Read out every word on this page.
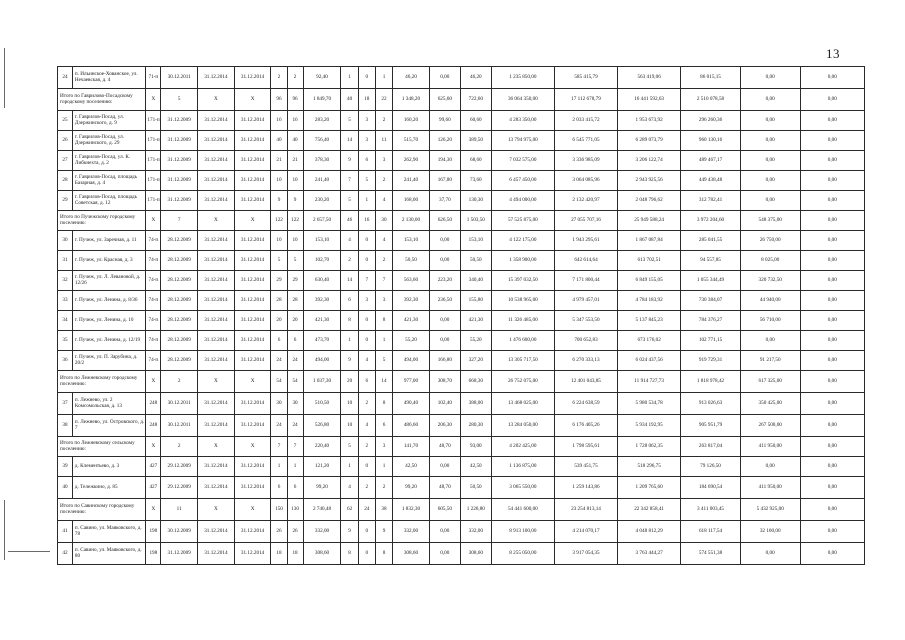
13
24	п. Ильинское-Хованское, ул. Нечаевская, д. 4	71-п	30.12.2011	31.12.2014	31.12.2014	2	2	92,40	1	0	1	46,20	0,00	46,20	1 235 850,00	585 415,79	563 419,06	86 015,15	0,00	0,00
Итого по Гаврилово-Посадскому городскому поселению:		X	5	X	X	96	96	1 849,70	40	18	22	1 348,20	625,60	722,60	36 064 350,00	17 112 678,79	16 441 592,63	2 510 078,58	0,00	0,00
25	г. Гаврилов-Посад, ул. Дзержинского, д. 9	171-п	31.12.2009	31.12.2014	31.12.2014	16	16	283,20	5	3	2	160,20	99,60	60,60	4 283 350,00	2 033 415,72	1 953 673,92	296 260,36	0,00	0,00
26	г. Гаврилов-Посад, ул. Дзержинского, д. 29	171-п	31.12.2009	31.12.2014	31.12.2014	40	40	756,40	14	3	11	515,70	126,20	389,50	13 794 975,00	6 545 771,05	6 289 073,79	960 130,16	0,00	0,00
27	г. Гаврилов-Посад, ул. К. Либкнехта, д. 2	171-п	31.12.2009	31.12.2014	31.12.2014	21	21	378,30	9	6	3	262,90	194,30	68,60	7 032 575,00	3 336 985,09	3 206 122,74	489 467,17	0,00	0,00
28	г. Гаврилов-Посад, площадь Базарная, д. 4	171-п	31.12.2009	31.12.2014	31.12.2014	10	10	241,40	7	5	2	241,40	167,80	73,60	6 457 450,00	3 064 085,96	2 943 925,56	449 438,48	0,00	0,00
29	г. Гаврилов-Посад, площадь Советская, д. 12	171-п	31.12.2009	31.12.2014	31.12.2014	9	9	230,20	5	1	4	168,00	37,70	130,30	4 494 000,00	2 132 420,97	2 048 796,62	312 782,41	0,00	0,00
Итого по Пучежскому городскому поселению:		X	7	X	X	122	122	2 657,50	46	16	30	2 130,00	626,50	1 503,50	57 525 875,00	27 055 707,16	25 949 588,24	3 972 204,60	548 375,00	0,00
30	г. Пучеж, ул. Заречная, д. 11	74-п	28.12.2009	31.12.2014	31.12.2014	10	10	153,10	4	0	4	153,10	0,00	153,10	4 122 175,00	1 943 295,61	1 867 087,84	285 041,55	26 750,00	0,00
31	г. Пучеж, ул. Красная, д. 3	74-п	28.12.2009	31.12.2014	31.12.2014	5	5	102,70	2	0	2	50,50	0,00	50,50	1 358 900,00	642 614,64	613 702,51	94 557,85	8 025,00	0,00
32	г. Пучеж, ул. Л. Левановой, д. 12/26	74-п	28.12.2009	31.12.2014	31.12.2014	29	29	630,40	14	7	7	563,60	223,20	340,40	15 397 032,50	7 171 800,44	6 849 155,05	1 055 344,49	320 732,50	0,00
33	г. Пучеж, ул. Ленина, д. 8/36	74-п	28.12.2009	31.12.2014	31.12.2014	28	28	392,30	6	3	3	392,30	236,50	155,80	10 538 965,00	4 979 457,01	4 784 183,92	730 384,07	44 940,00	0,00
34	г. Пучеж, ул. Ленина, д. 10	74-п	28.12.2009	31.12.2014	31.12.2014	20	20	421,30	8	0	8	421,30	0,00	421,30	11 326 485,00	5 347 553,50	5 137 845,23	784 376,27	56 710,00	0,00
35	г. Пучеж, ул. Ленина, д. 12/19	74-п	28.12.2009	31.12.2014	31.12.2014	6	6	473,70	1	0	1	55,20	0,00	55,20	1 476 600,00	700 652,83	673 176,02	102 771,15	0,00	0,00
36	г. Пучеж, ул. П. Зарубина, д. 20/2	74-п	28.12.2009	31.12.2014	31.12.2014	24	24	494,00	9	4	5	494,00	166,80	327,20	13 305 717,50	6 270 333,13	6 024 437,56	919 729,31	91 217,50	0,00
Итого по Лежневскому городскому поселению:		X	2	X	X	54	54	1 037,30	20	6	14	977,00	308,70	668,30	26 752 075,00	12 401 043,85	11 914 727,73	1 818 978,42	617 325,00	0,00
37	п. Лежнево, ул. 2 Комсомольская, д. 13	248	30.12.2011	31.12.2014	31.12.2014	30	30	510,50	10	2	8	490,40	102,40	388,00	13 468 025,00	6 224 638,59	5 980 534,78	913 026,63	350 425,00	0,00
38	п. Лежнево, ул. Островского, д. 7	248	30.12.2011	31.12.2014	31.12.2014	24	24	526,80	10	4	6	486,60	206,30	280,30	13 284 050,00	6 176 405,26	5 934 192,95	905 951,79	267 500,00	0,00
Итого по Лежневскому сельскому поселению:		X	2	X	X	7	7	220,40	5	2	3	141,70	48,70	93,00	4 202 425,00	1 798 595,61	1 728 062,35	263 817,04	411 950,00	0,00
39	д. Клементьево, д. 3	427	29.12.2009	31.12.2014	31.12.2014	1	1	121,20	1	0	1	42,50	0,00	42,50	1 136 875,00	539 451,75	518 296,75	79 126,50	0,00	0,00
40	д. Тележкино, д. 85	427	29.12.2009	31.12.2014	31.12.2014	6	6	99,20	4	2	2	99,20	48,70	50,50	3 065 550,00	1 259 143,86	1 209 765,60	184 690,54	411 950,00	0,00
Итого по Савинскому городскому поселению:		X	11	X	X	150	130	2 740,48	62	24	38	1 832,30	605,50	1 226,80	54 441 600,00	23 254 813,14	22 342 858,41	3 411 003,45	5 432 925,00	0,00
41	п. Савино, ул. Маяковского, д. 78	198	30.12.2009	31.12.2014	31.12.2014	26	26	332,00	9	0	9	332,00	0,00	332,00	8 913 100,00	4 214 070,17	4 048 812,29	618 117,54	32 100,00	0,00
42	п. Савино, ул. Маяковского, д. 80	198	31.12.2009	31.12.2014	31.12.2014	18	18	308,60	8	0	8	308,60	0,00	308,60	8 255 050,00	3 917 054,35	3 763 444,27	574 551,38	0,00	0,00
